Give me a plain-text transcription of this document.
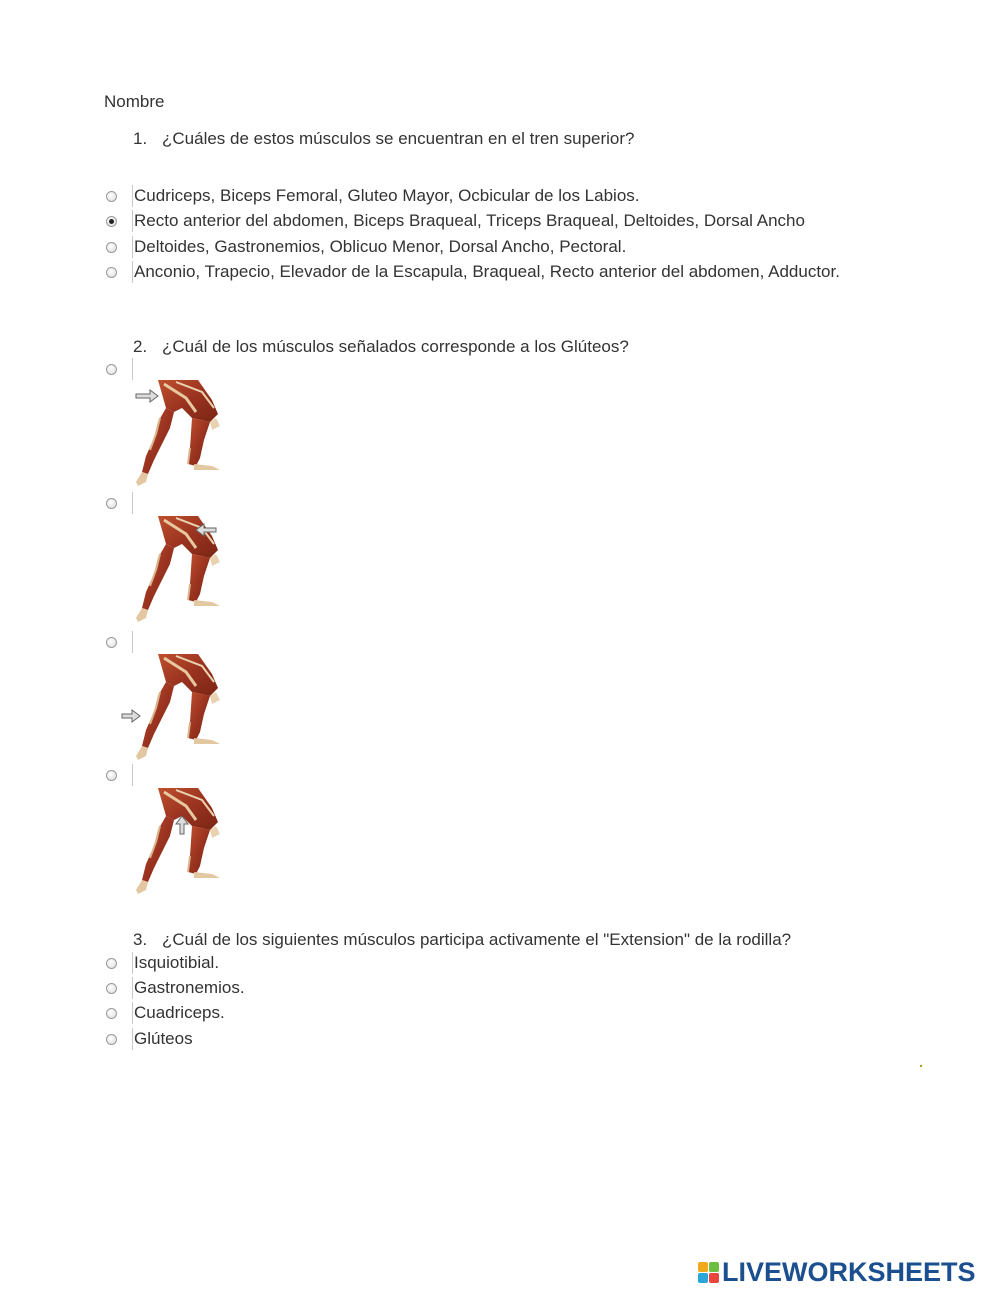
Nombre
1. ¿Cuáles de estos músculos se encuentran en el tren superior?
Cudriceps, Biceps Femoral, Gluteo Mayor, Ocbicular de los Labios.
Recto anterior del abdomen, Biceps Braqueal, Triceps Braqueal, Deltoides, Dorsal Ancho
Deltoides, Gastronemios, Oblicuo Menor, Dorsal Ancho, Pectoral.
Anconio, Trapecio, Elevador de la Escapula, Braqueal, Recto anterior del abdomen, Adductor.
2. ¿Cuál de los músculos señalados corresponde a los Glúteos?
3. ¿Cuál de los siguientes músculos participa activamente el "Extension" de la rodilla?
Isquiotibial.
Gastronemios.
Cuadriceps.
Glúteos
LIVEWORKSHEETS
